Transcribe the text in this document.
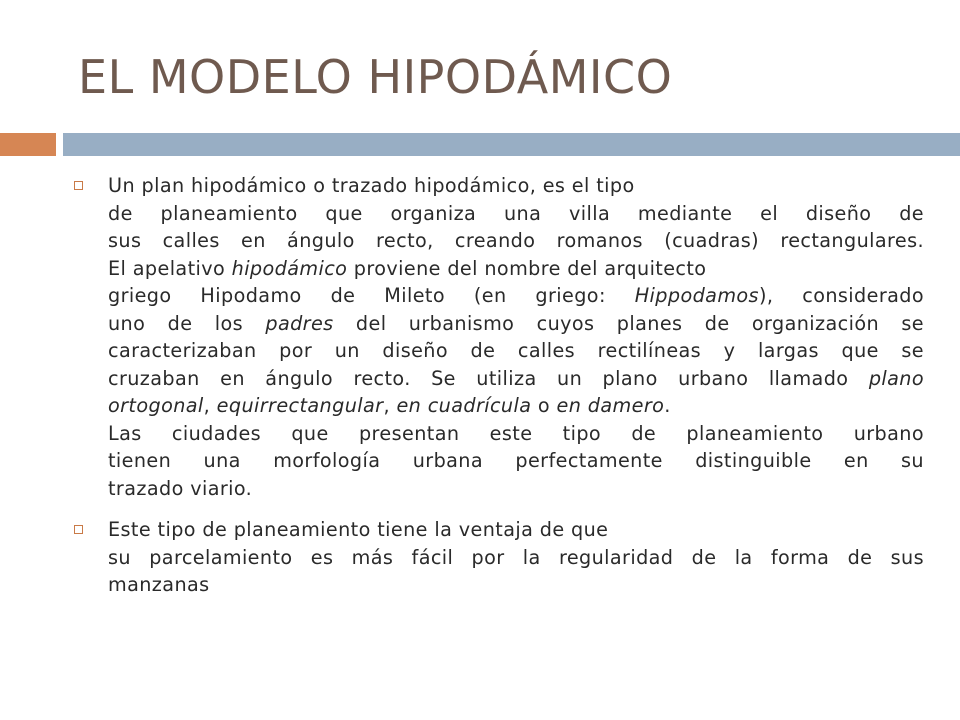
EL MODELO HIPODÁMICO
Un plan hipodámico o trazado hipodámico, es el tipo
de planeamiento que organiza una villa mediante el diseño de
sus calles en ángulo recto, creando romanos (cuadras) rectangulares.
El apelativo hipodámico proviene del nombre del arquitecto
griego Hipodamo de Mileto (en griego: Hippodamos), considerado
uno de los padres del urbanismo cuyos planes de organización se
caracterizaban por un diseño de calles rectilíneas y largas que se
cruzaban en ángulo recto. Se utiliza un plano urbano llamado plano
ortogonal, equirrectangular, en cuadrícula o en damero.
Las ciudades que presentan este tipo de planeamiento urbano
tienen una morfología urbana perfectamente distinguible en su
trazado viario.
Este tipo de planeamiento tiene la ventaja de que
su parcelamiento es más fácil por la regularidad de la forma de sus
manzanas
